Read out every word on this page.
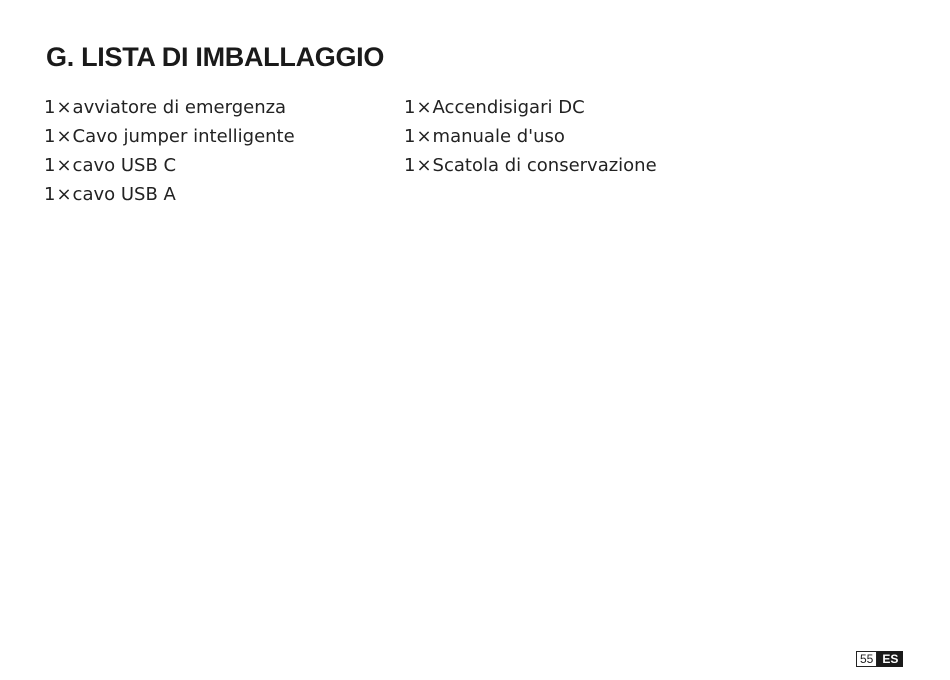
G. LISTA DI IMBALLAGGIO
1×avviatore di emergenza
1×Cavo jumper intelligente
1×cavo USB C
1×cavo USB A
1×Accendisigari DC
1×manuale d'uso
1×Scatola di conservazione
55 ES
